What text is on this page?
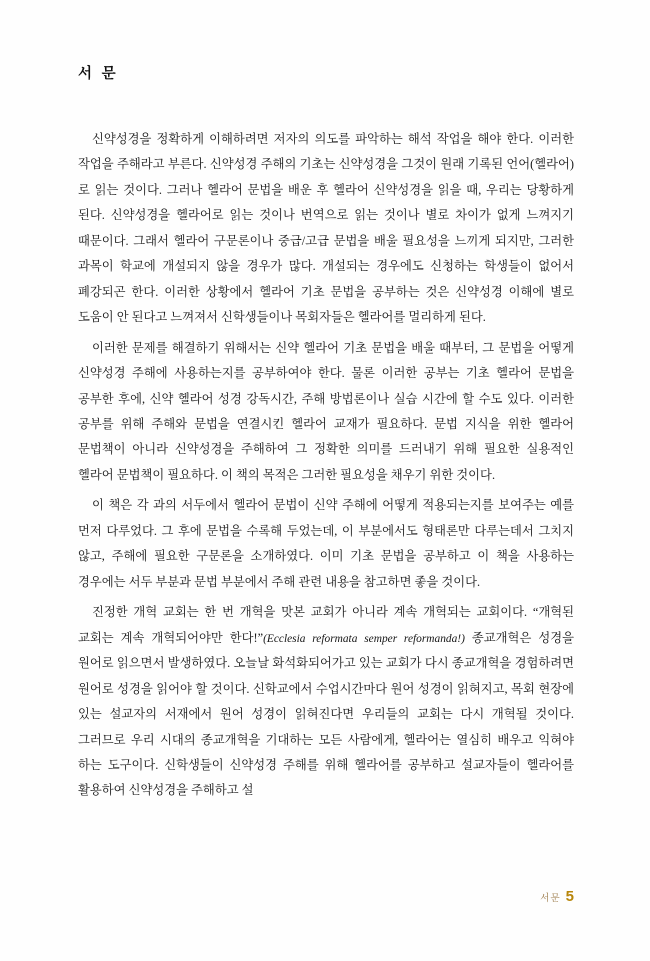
서 문

신약성경을 정확하게 이해하려면 저자의 의도를 파악하는 해석 작업을 해야 한다. 이러한 작업을 주해라고 부른다. 신약성경 주해의 기초는 신약성경을 그것이 원래 기록된 언어(헬라어)로 읽는 것이다. 그러나 헬라어 문법을 배운 후 헬라어 신약성경을 읽을 때, 우리는 당황하게 된다. 신약성경을 헬라어로 읽는 것이나 번역으로 읽는 것이나 별로 차이가 없게 느껴지기 때문이다. 그래서 헬라어 구문론이나 중급/고급 문법을 배울 필요성을 느끼게 되지만, 그러한 과목이 학교에 개설되지 않을 경우가 많다. 개설되는 경우에도 신청하는 학생들이 없어서 폐강되곤 한다. 이러한 상황에서 헬라어 기초 문법을 공부하는 것은 신약성경 이해에 별로 도움이 안 된다고 느껴져서 신학생들이나 목회자들은 헬라어를 멀리하게 된다.

이러한 문제를 해결하기 위해서는 신약 헬라어 기초 문법을 배울 때부터, 그 문법을 어떻게 신약성경 주해에 사용하는지를 공부하여야 한다. 물론 이러한 공부는 기초 헬라어 문법을 공부한 후에, 신약 헬라어 성경 강독시간, 주해 방법론이나 실습 시간에 할 수도 있다. 이러한 공부를 위해 주해와 문법을 연결시킨 헬라어 교재가 필요하다. 문법 지식을 위한 헬라어 문법책이 아니라 신약성경을 주해하여 그 정확한 의미를 드러내기 위해 필요한 실용적인 헬라어 문법책이 필요하다. 이 책의 목적은 그러한 필요성을 채우기 위한 것이다.

이 책은 각 과의 서두에서 헬라어 문법이 신약 주해에 어떻게 적용되는지를 보여주는 예를 먼저 다루었다. 그 후에 문법을 수록해 두었는데, 이 부분에서도 형태론만 다루는데서 그치지 않고, 주해에 필요한 구문론을 소개하였다. 이미 기초 문법을 공부하고 이 책을 사용하는 경우에는 서두 부분과 문법 부분에서 주해 관련 내용을 참고하면 좋을 것이다.

진정한 개혁 교회는 한 번 개혁을 맛본 교회가 아니라 계속 개혁되는 교회이다. “개혁된 교회는 계속 개혁되어야만 한다!”(Ecclesia reformata semper reformanda!) 종교개혁은 성경을 원어로 읽으면서 발생하였다. 오늘날 화석화되어가고 있는 교회가 다시 종교개혁을 경험하려면 원어로 성경을 읽어야 할 것이다. 신학교에서 수업시간마다 원어 성경이 읽혀지고, 목회 현장에 있는 설교자의 서재에서 원어 성경이 읽혀진다면 우리들의 교회는 다시 개혁될 것이다. 그러므로 우리 시대의 종교개혁을 기대하는 모든 사람에게, 헬라어는 열심히 배우고 익혀야 하는 도구이다. 신학생들이 신약성경 주해를 위해 헬라어를 공부하고 설교자들이 헬라어를 활용하여 신약성경을 주해하고 설

서문 5
